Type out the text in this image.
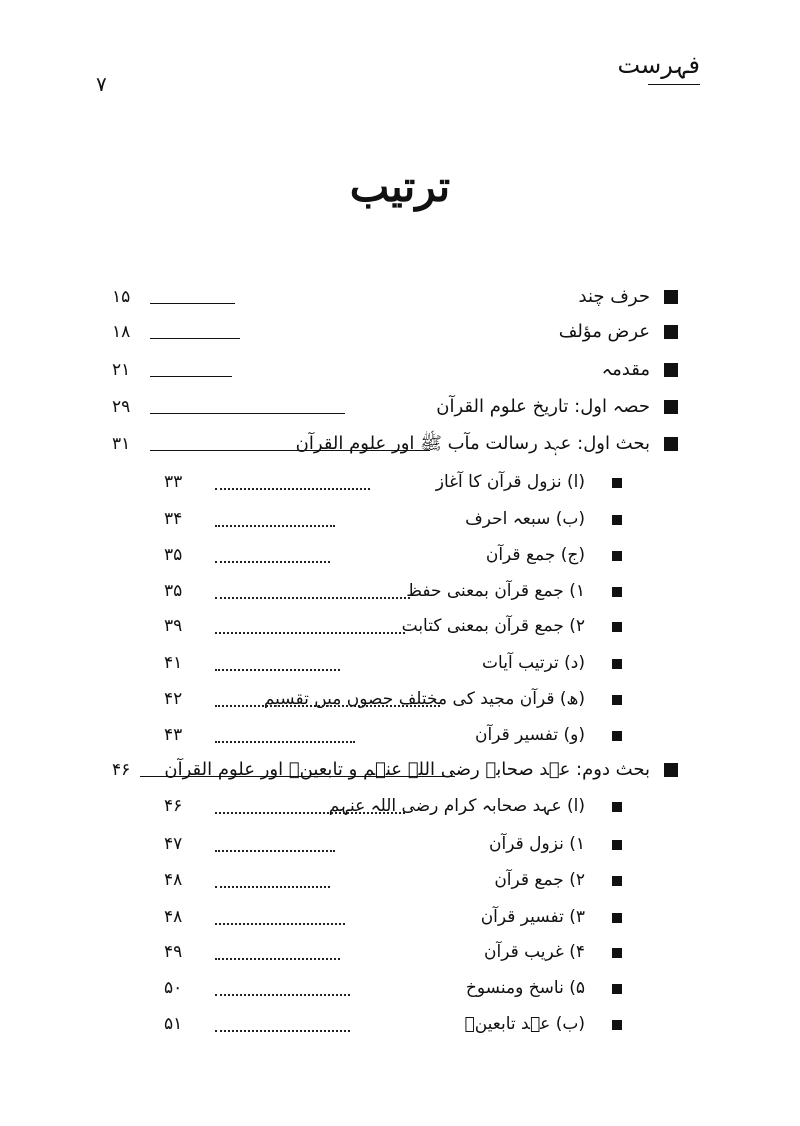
فہرست
۷
ترتیب
حرف چند
۱۵
عرض مؤلف
۱۸
مقدمہ
۲۱
حصہ اول: تاریخ علوم القرآن
۲۹
بحث اول: عہد رسالت مآب ﷺ اور علوم القرآن
۳۱
(ا) نزول قرآن کا آغاز
۳۳
(ب) سبعہ احرف
۳۴
(ج) جمع قرآن
۳۵
۱) جمع قرآن بمعنی حفظ
۳۵
۲) جمع قرآن بمعنی کتابت
۳۹
(د) ترتیب آیات
۴۱
(ھ) قرآن مجید کی مختلف حصوں میں تقسیم
۴۲
(و) تفسیر قرآن
۴۳
بحث دوم: عہد صحابہ رضی اللہ عنہم و تابعینؒ اور علوم القرآن
۴۶
(ا) عہد صحابہ کرام رضی اللہ عنہم
۴۶
۱) نزول قرآن
۴۷
۲) جمع قرآن
۴۸
۳) تفسیر قرآن
۴۸
۴) غریب قرآن
۴۹
۵) ناسخ ومنسوخ
۵۰
(ب) عہد تابعینؒ
۵۱
